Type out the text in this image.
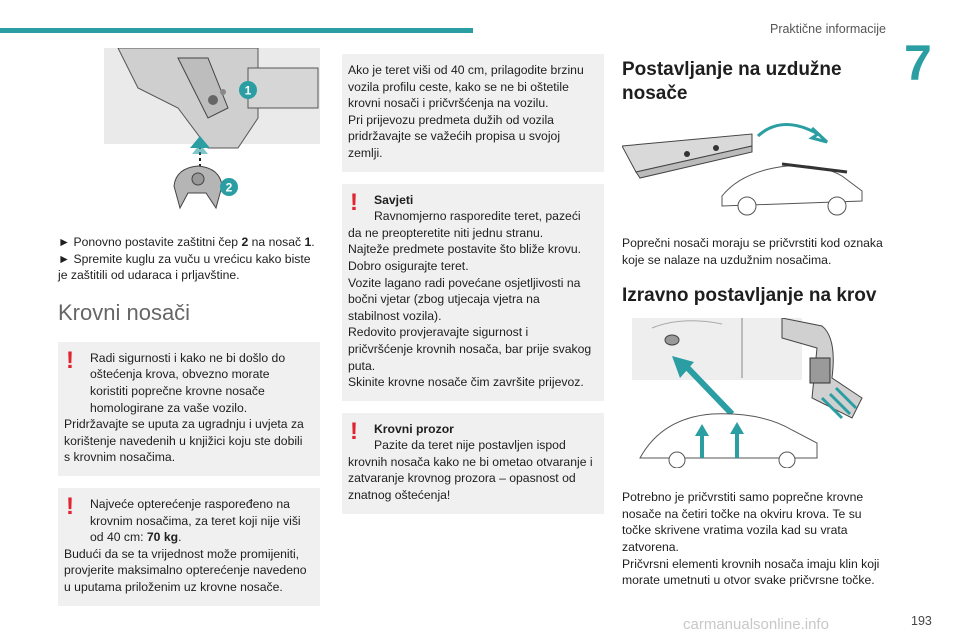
Praktične informacije
7
1
2

► Ponovno postavite zaštitni čep 2 na nosač 1.

► Spremite kuglu za vuču u vrećicu kako biste je zaštitili od udaraca i prljavštine.

Krovni nosači
!	Radi sigurnosti i kako ne bi došlo do oštećenja krova, obvezno morate koristiti poprečne krovne nosače homologirane za vaše vozilo.
Pridržavajte se uputa za ugradnju i uvjeta za korištenje navedenih u knjižici koju ste dobili s krovnim nosačima.
!	Najveće opterećenje raspoređeno na krovnim nosačima, za teret koji nije viši od 40 cm: 70 kg.
Budući da se ta vrijednost može promijeniti, provjerite maksimalno opterećenje navedeno u uputama priloženim uz krovne nosače.
Ako je teret viši od 40 cm, prilagodite brzinu vozila profilu ceste, kako se ne bi oštetile krovni nosači i pričvršćenja na vozilu.
Pri prijevozu predmeta dužih od vozila pridržavajte se važećih propisa u svojoj zemlji.
!	Savjeti
Ravnomjerno rasporedite teret, pazeći da ne preopteretite niti jednu stranu.
Najteže predmete postavite što bliže krovu.
Dobro osigurajte teret.
Vozite lagano radi povećane osjetljivosti na bočni vjetar (zbog utjecaja vjetra na stabilnost vozila).
Redovito provjeravajte sigurnost i pričvršćenje krovnih nosača, bar prije svakog puta.
Skinite krovne nosače čim završite prijevoz.
!	Krovni prozor
Pazite da teret nije postavljen ispod krovnih nosača kako ne bi ometao otvaranje i zatvaranje krovnog prozora – opasnost od znatnog oštećenja!
Postavljanje na uzdužne nosače

Poprečni nosači moraju se pričvrstiti kod oznaka koje se nalaze na uzdužnim nosačima.

Izravno postavljanje na krov

Potrebno je pričvrstiti samo poprečne krovne nosače na četiri točke na okviru krova. Te su točke skrivene vratima vozila kad su vrata zatvorena.

Pričvrsni elementi krovnih nosača imaju klin koji morate umetnuti u otvor svake pričvrsne točke.

carmanualsonline.info	193
